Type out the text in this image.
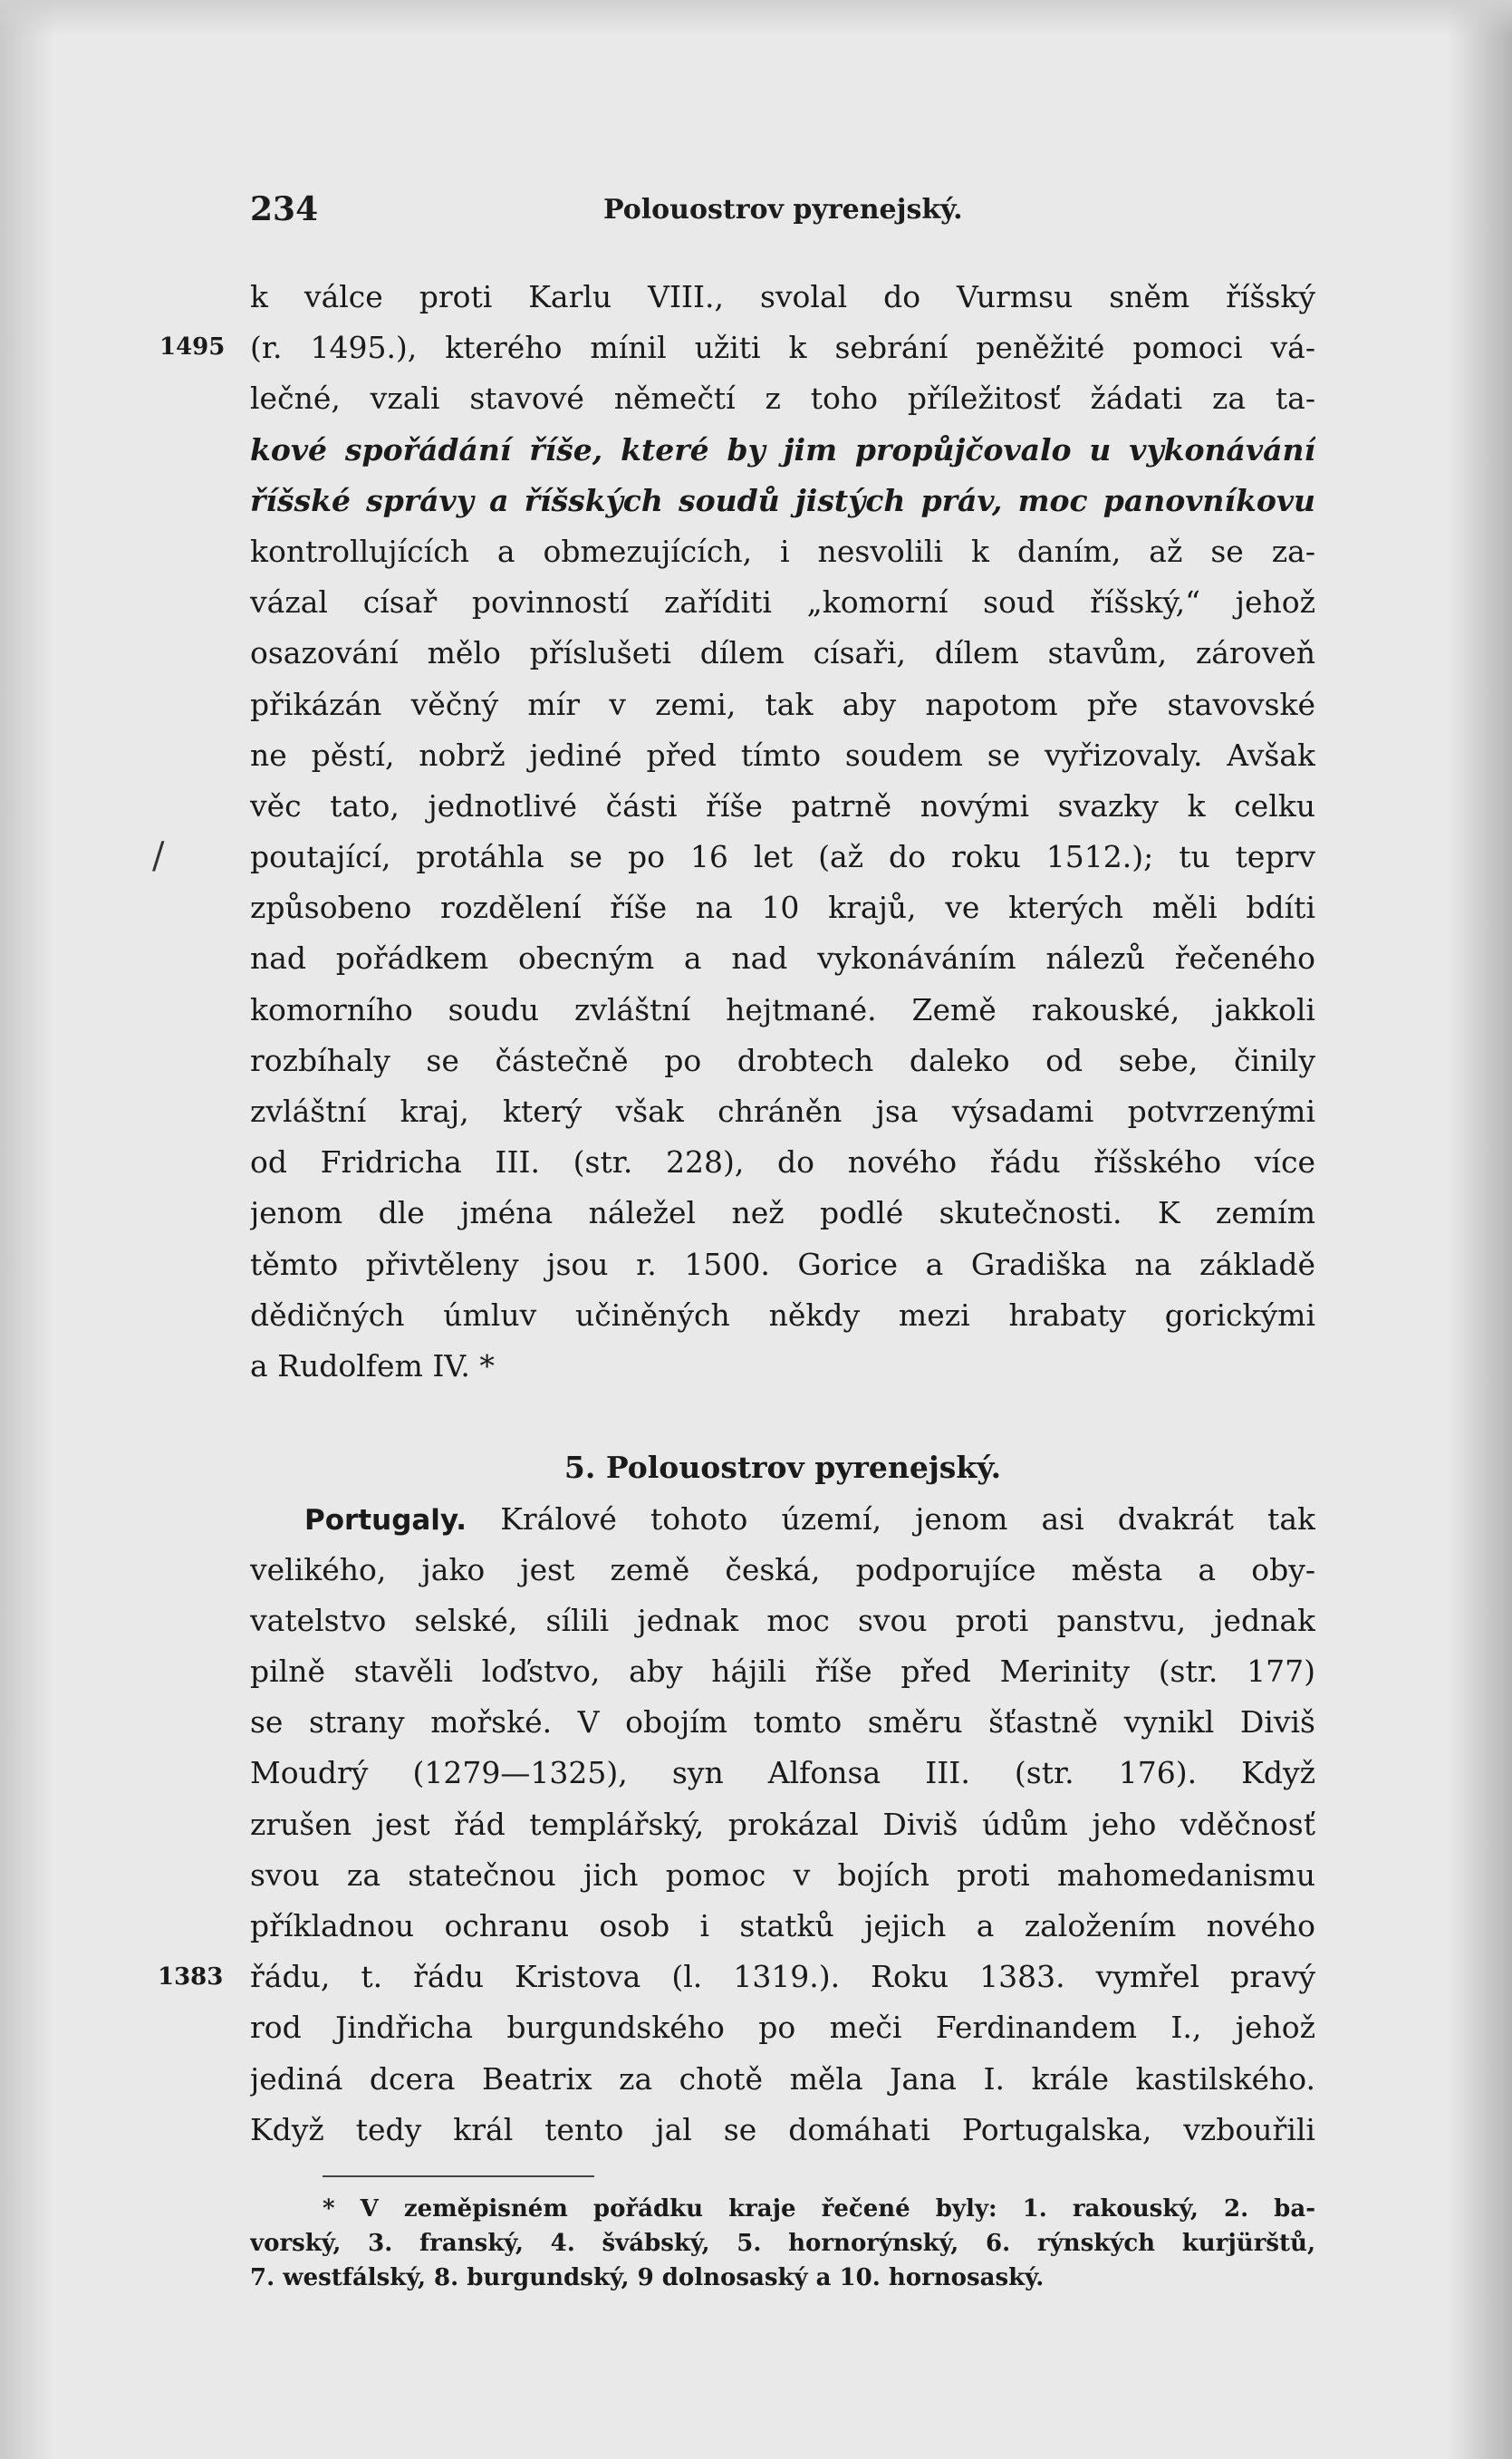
234	Polouostrov pyrenejský.
1495
1383
/
k válce proti Karlu VIII., svolal do Vurmsu sněm říšský
(r. 1495.), kterého mínil užiti k sebrání peněžité pomoci vá-
lečné, vzali stavové němečtí z toho příležitosť žádati za ta-
kové spořádání říše, které by jim propůjčovalo u vykonávání
říšské správy a říšských soudů jistých práv, moc panovníkovu
kontrollujících a obmezujících, i nesvolili k daním, až se za-
vázal císař povinností zaříditi „komorní soud říšský,“ jehož
osazování mělo příslušeti dílem císaři, dílem stavům, zároveň
přikázán věčný mír v zemi, tak aby napotom pře stavovské
ne pěstí, nobrž jediné před tímto soudem se vyřizovaly. Avšak
věc tato, jednotlivé části říše patrně novými svazky k celku
poutající, protáhla se po 16 let (až do roku 1512.); tu teprv
způsobeno rozdělení říše na 10 krajů, ve kterých měli bdíti
nad pořádkem obecným a nad vykonáváním nálezů řečeného
komorního soudu zvláštní hejtmané. Země rakouské, jakkoli
rozbíhaly se částečně po drobtech daleko od sebe, činily
zvláštní kraj, který však chráněn jsa výsadami potvrzenými
od Fridricha III. (str. 228), do nového řádu říšského více
jenom dle jména náležel než podlé skutečnosti. K zemím
těmto přivtěleny jsou r. 1500. Gorice a Gradiška na základě
dědičných úmluv učiněných někdy mezi hrabaty gorickými
a Rudolfem IV. *
5. Polouostrov pyrenejský.
Portugaly. Králové tohoto území, jenom asi dvakrát tak
velikého, jako jest země česká, podporujíce města a oby-
vatelstvo selské, sílili jednak moc svou proti panstvu, jednak
pilně stavěli loďstvo, aby hájili říše před Merinity (str. 177)
se strany mořské. V obojím tomto směru šťastně vynikl Diviš
Moudrý (1279—1325), syn Alfonsa III. (str. 176). Když
zrušen jest řád templářský, prokázal Diviš údům jeho vděčnosť
svou za statečnou jich pomoc v bojích proti mahomedanismu
příkladnou ochranu osob i statků jejich a založením nového
řádu, t. řádu Kristova (l. 1319.). Roku 1383. vymřel pravý
rod Jindřicha burgundského po meči Ferdinandem I., jehož
jediná dcera Beatrix za chotě měla Jana I. krále kastilského.
Když tedy král tento jal se domáhati Portugalska, vzbouřili
* V zeměpisném pořádku kraje řečené byly: 1. rakouský, 2. ba-
vorský, 3. franský, 4. švábský, 5. hornorýnský, 6. rýnských kurjürštů,
7. westfálský, 8. burgundský, 9 dolnosaský a 10. hornosaský.
